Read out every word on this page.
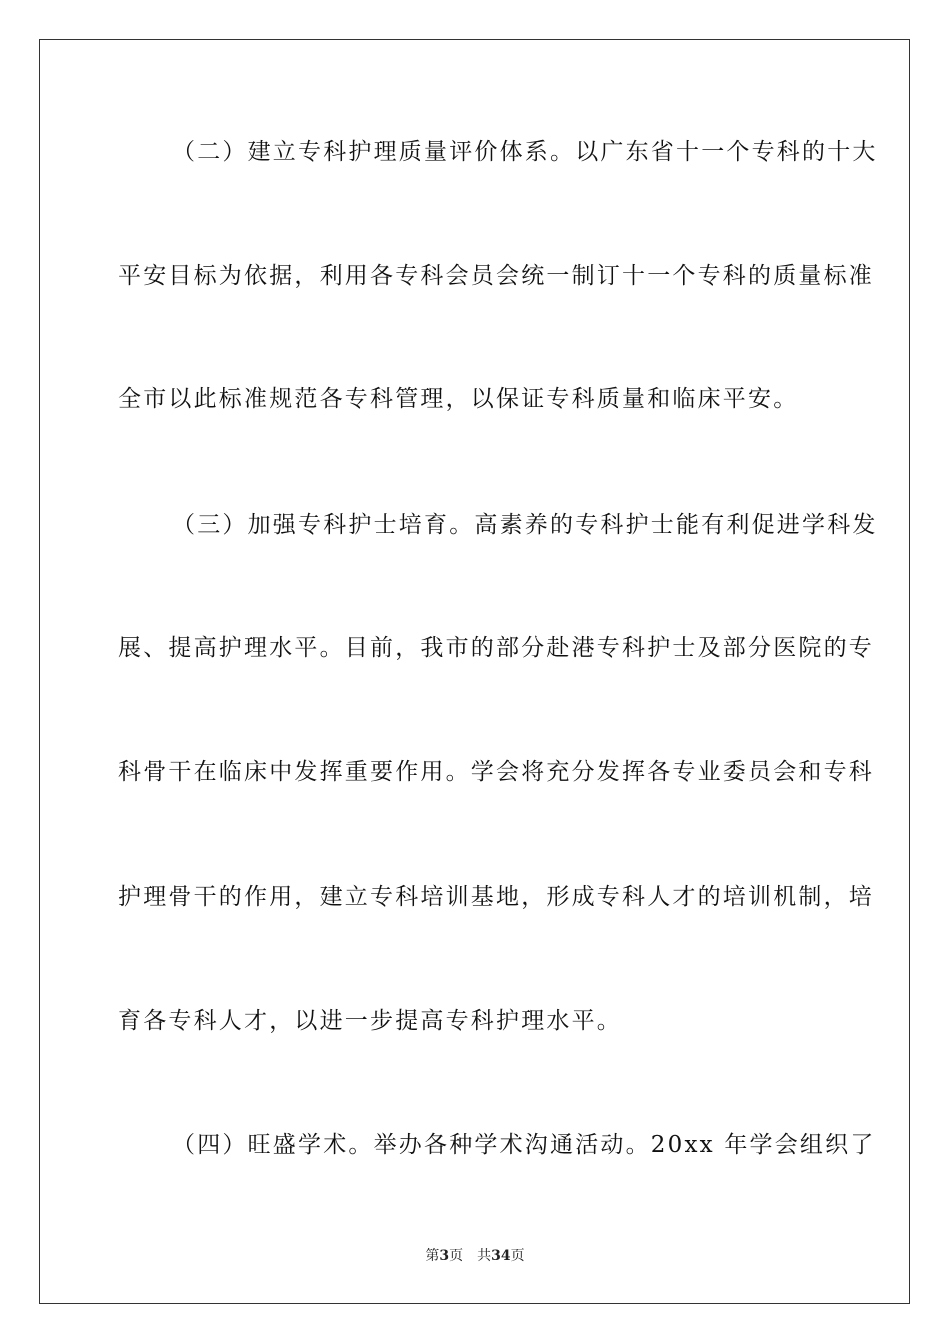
（二）建立专科护理质量评价体系。以广东省十一个专科的十大
平安目标为依据，利用各专科会员会统一制订十一个专科的质量标准
全市以此标准规范各专科管理，以保证专科质量和临床平安。
（三）加强专科护士培育。高素养的专科护士能有利促进学科发
展、提高护理水平。目前，我市的部分赴港专科护士及部分医院的专
科骨干在临床中发挥重要作用。学会将充分发挥各专业委员会和专科
护理骨干的作用，建立专科培训基地，形成专科人才的培训机制，培
育各专科人才，以进一步提高专科护理水平。
（四）旺盛学术。举办各种学术沟通活动。20xx 年学会组织了
第3页 共34页
